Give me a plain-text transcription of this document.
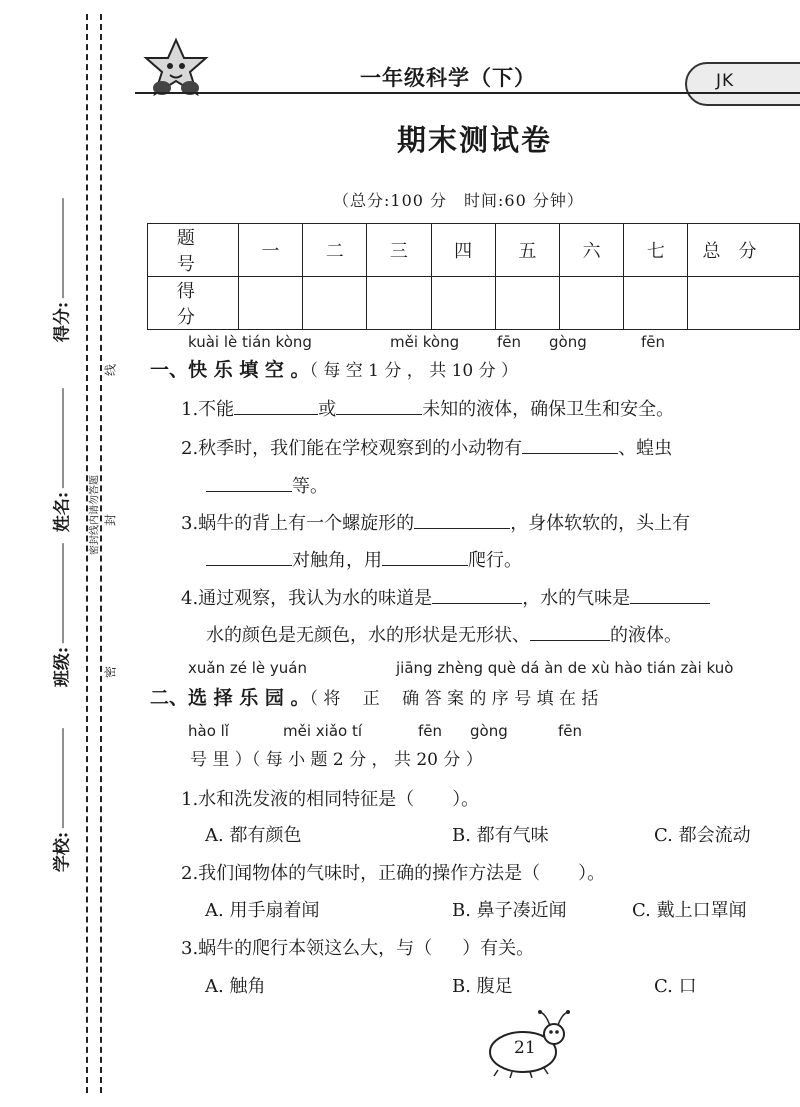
学校:
班级:
姓名:
得分:
密封线内请勿答题
线
封
密
一年级科学（下）	JK
期末测试卷
（总分:100 分　时间:60 分钟）
题　号	一	二	三	四	五	六	七	总　分
得　分								
kuài lè tián kòng	měi kòng	fēn gòng	fēn
一、快 乐 填 空 。（ 每 空 1 分 ， 共 10 分 ）
1.不能	或	未知的液体，确保卫生和安全。
2.秋季时，我们能在学校观察到的小动物有	、蝗虫
等。
3.蜗牛的背上有一个螺旋形的	，身体软软的，头上有
对触角，用	爬行。
4.通过观察，我认为水的味道是	，水的气味是
水的颜色是无颜色，水的形状是无形状、	的液体。
xuǎn zé lè yuán	jiāng zhèng què dá àn de xù hào tián zài kuò
二、选 择 乐 园 。（ 将 　正 　确 答 案 的 序 号 填 在 括
hào lǐ	měi xiǎo tí	fēn gòng	fēn
号 里 ）（ 每 小 题 2 分 ， 共 20 分 ）
1.水和洗发液的相同特征是（ ）。
A. 都有颜色	B. 都有气味	C. 都会流动
2.我们闻物体的气味时，正确的操作方法是（ ）。
A. 用手扇着闻	B. 鼻子凑近闻	C. 戴上口罩闻
3.蜗牛的爬行本领这么大，与（ ）有关。
A. 触角	B. 腹足	C. 口
21
